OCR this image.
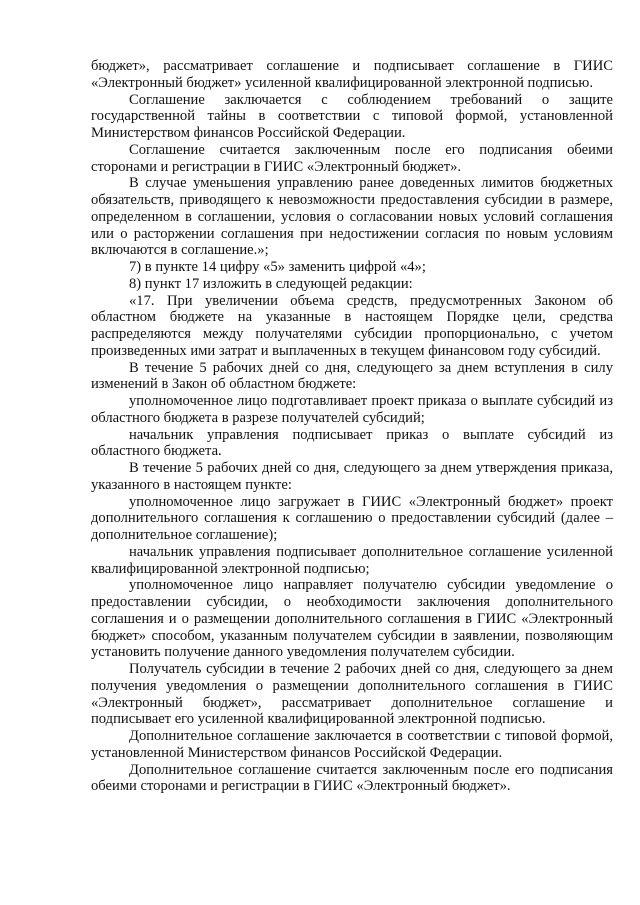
бюджет», рассматривает соглашение и подписывает соглашение в ГИИС «Электронный бюджет» усиленной квалифицированной электронной подписью.

Соглашение заключается с соблюдением требований о защите государственной тайны в соответствии с типовой формой, установленной Министерством финансов Российской Федерации.

Соглашение считается заключенным после его подписания обеими сторонами и регистрации в ГИИС «Электронный бюджет».

В случае уменьшения управлению ранее доведенных лимитов бюджетных обязательств, приводящего к невозможности предоставления субсидии в размере, определенном в соглашении, условия о согласовании новых условий соглашения или о расторжении соглашения при недостижении согласия по новым условиям включаются в соглашение.»;

7) в пункте 14 цифру «5» заменить цифрой «4»;

8) пункт 17 изложить в следующей редакции:

«17. При увеличении объема средств, предусмотренных Законом об областном бюджете на указанные в настоящем Порядке цели, средства распределяются между получателями субсидии пропорционально, с учетом произведенных ими затрат и выплаченных в текущем финансовом году субсидий.

В течение 5 рабочих дней со дня, следующего за днем вступления в силу изменений в Закон об областном бюджете:

уполномоченное лицо подготавливает проект приказа о выплате субсидий из областного бюджета в разрезе получателей субсидий;

начальник управления подписывает приказ о выплате субсидий из областного бюджета.

В течение 5 рабочих дней со дня, следующего за днем утверждения приказа, указанного в настоящем пункте:

уполномоченное лицо загружает в ГИИС «Электронный бюджет» проект дополнительного соглашения к соглашению о предоставлении субсидий (далее – дополнительное соглашение);

начальник управления подписывает дополнительное соглашение усиленной квалифицированной электронной подписью;

уполномоченное лицо направляет получателю субсидии уведомление о предоставлении субсидии, о необходимости заключения дополнительного соглашения и о размещении дополнительного соглашения в ГИИС «Электронный бюджет» способом, указанным получателем субсидии в заявлении, позволяющим установить получение данного уведомления получателем субсидии.

Получатель субсидии в течение 2 рабочих дней со дня, следующего за днем получения уведомления о размещении дополнительного соглашения в ГИИС «Электронный бюджет», рассматривает дополнительное соглашение и подписывает его усиленной квалифицированной электронной подписью.

Дополнительное соглашение заключается в соответствии с типовой формой, установленной Министерством финансов Российской Федерации.

Дополнительное соглашение считается заключенным после его подписания обеими сторонами и регистрации в ГИИС «Электронный бюджет».
